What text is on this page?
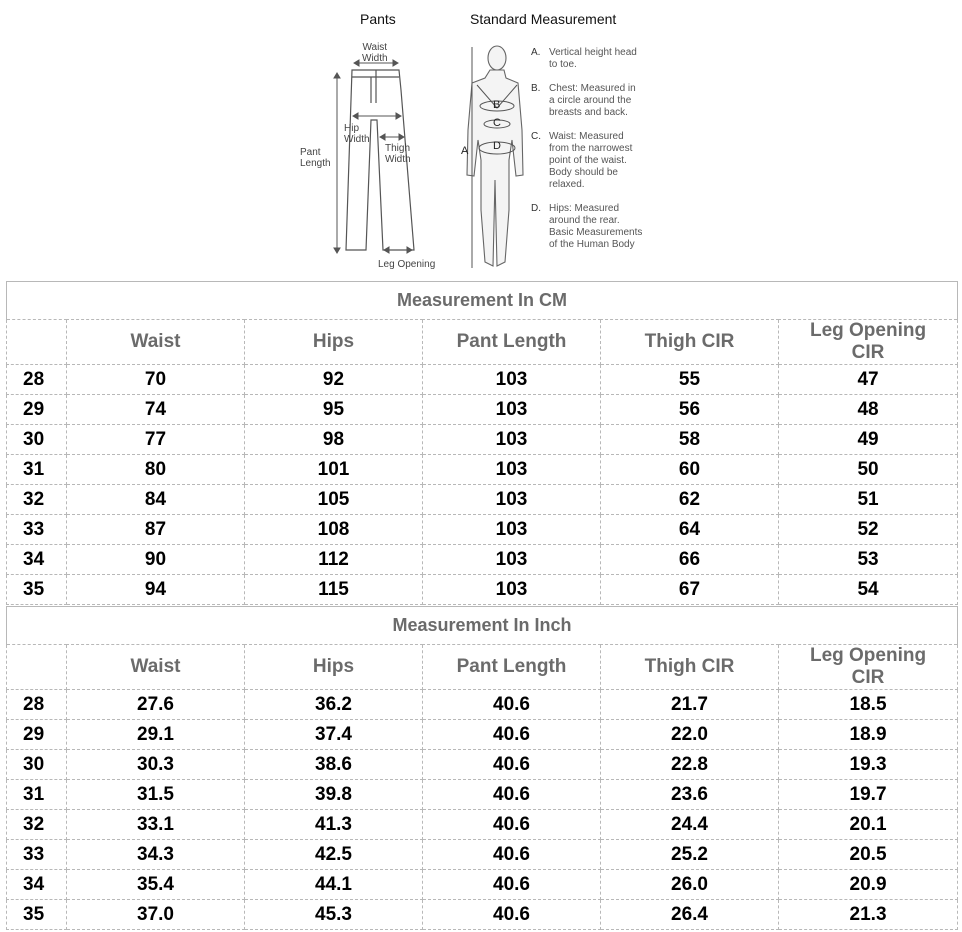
Pants	Standard Measurement
Waist
Width
Hip
Width
Thigh
Width
Pant
Length
Leg Opening
A
B
C
D
A. Vertical height head
to toe.
B. Chest: Measured in
a circle around the
breasts and back.
C. Waist: Measured
from the narrowest
point of the waist.
Body should be
relaxed.
D. Hips: Measured
around the rear.
Basic Measurements
of the Human Body
Measurement In CM					
	Waist	Hips	Pant Length	Thigh CIR	Leg Opening
CIR
28	70	92	103	55	47
29	74	95	103	56	48
30	77	98	103	58	49
31	80	101	103	60	50
32	84	105	103	62	51
33	87	108	103	64	52
34	90	112	103	66	53
35	94	115	103	67	54
Measurement In Inch					
	Waist	Hips	Pant Length	Thigh CIR	Leg Opening
CIR
28	27.6	36.2	40.6	21.7	18.5
29	29.1	37.4	40.6	22.0	18.9
30	30.3	38.6	40.6	22.8	19.3
31	31.5	39.8	40.6	23.6	19.7
32	33.1	41.3	40.6	24.4	20.1
33	34.3	42.5	40.6	25.2	20.5
34	35.4	44.1	40.6	26.0	20.9
35	37.0	45.3	40.6	26.4	21.3
